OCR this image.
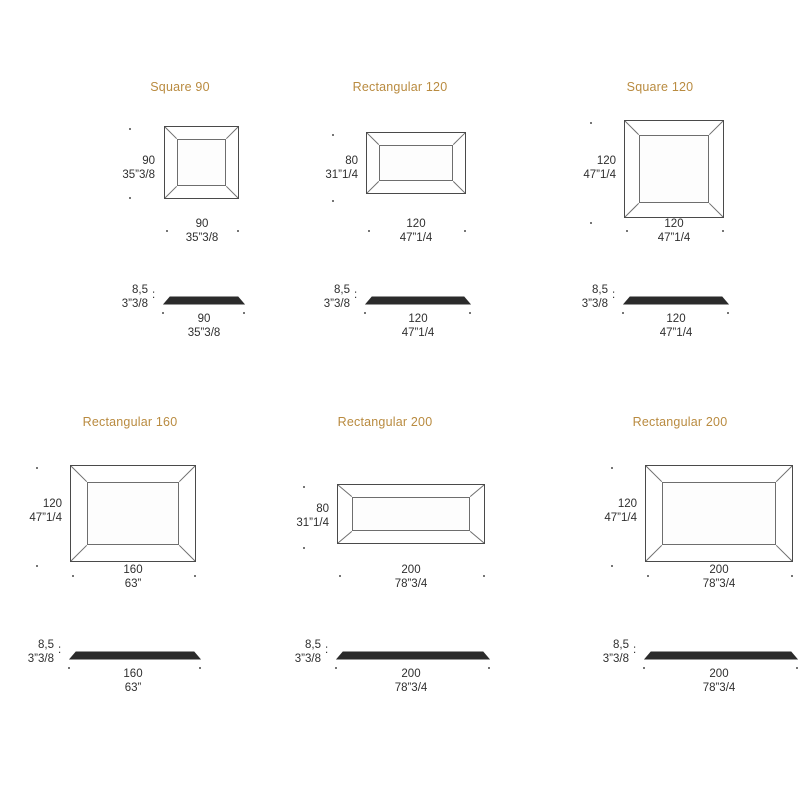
Square 90
90
35”3/8
90
35”3/8
:
8,5
3”3/8
90
35”3/8
Rectangular 120
80
31”1/4
120
47”1/4
:
8,5
3”3/8
120
47”1/4
Square 120
120
47”1/4
120
47”1/4
:
8,5
3”3/8
120
47”1/4
Rectangular 160
120
47”1/4
160
63”
:
8,5
3”3/8
160
63”
Rectangular 200
80
31”1/4
200
78”3/4
:
8,5
3”3/8
200
78”3/4
Rectangular 200
120
47”1/4
200
78”3/4
:
8,5
3”3/8
200
78”3/4
